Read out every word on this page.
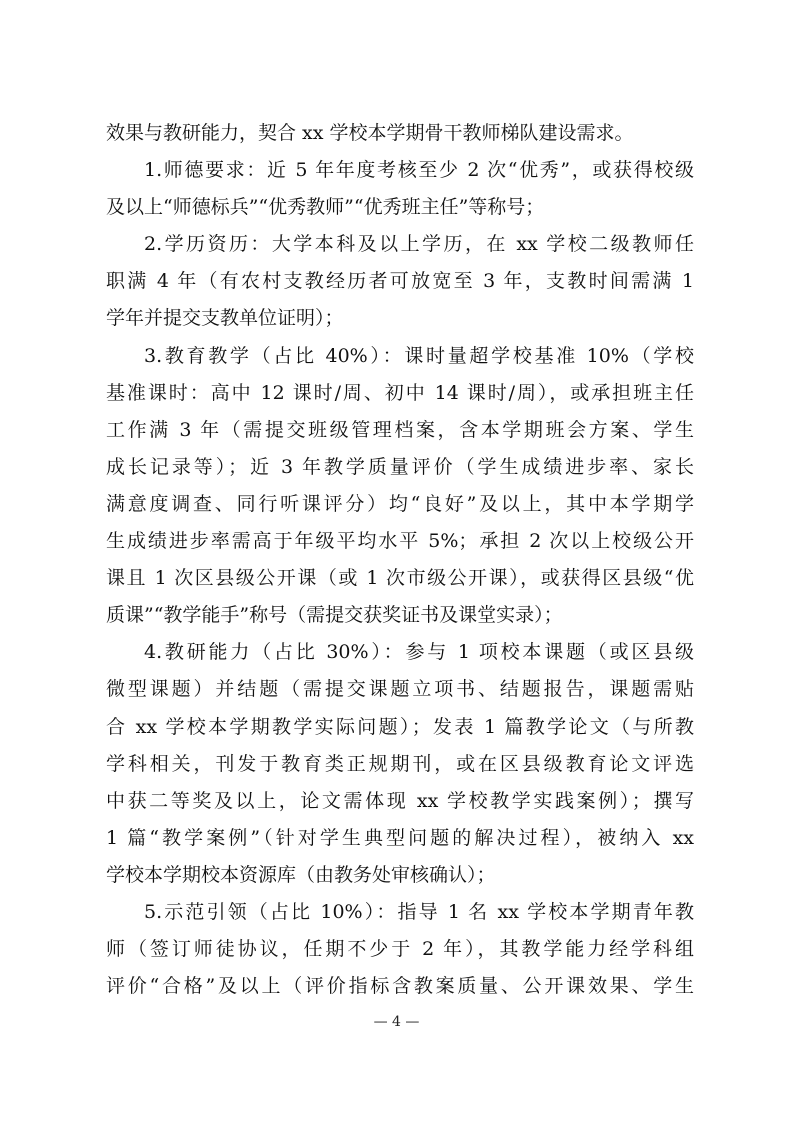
效果与教研能力，契合 xx 学校本学期骨干教师梯队建设需求。
1.师德要求：近 5 年年度考核至少 2 次“优秀”，或获得校级
及以上“师德标兵”“优秀教师”“优秀班主任”等称号；
2.学历资历：大学本科及以上学历，在 xx 学校二级教师任
职满 4 年（有农村支教经历者可放宽至 3 年，支教时间需满 1
学年并提交支教单位证明）；
3.教育教学（占比 40%）：课时量超学校基准 10%（学校
基准课时：高中 12 课时/周、初中 14 课时/周），或承担班主任
工作满 3 年（需提交班级管理档案，含本学期班会方案、学生
成长记录等）；近 3 年教学质量评价（学生成绩进步率、家长
满意度调查、同行听课评分）均“良好”及以上，其中本学期学
生成绩进步率需高于年级平均水平 5%；承担 2 次以上校级公开
课且 1 次区县级公开课（或 1 次市级公开课），或获得区县级“优
质课”“教学能手”称号（需提交获奖证书及课堂实录）；
4.教研能力（占比 30%）：参与 1 项校本课题（或区县级
微型课题）并结题（需提交课题立项书、结题报告，课题需贴
合 xx 学校本学期教学实际问题）；发表 1 篇教学论文（与所教
学科相关，刊发于教育类正规期刊，或在区县级教育论文评选
中获二等奖及以上，论文需体现 xx 学校教学实践案例）；撰写
1 篇“教学案例”（针对学生典型问题的解决过程），被纳入 xx
学校本学期校本资源库（由教务处审核确认）；
5.示范引领（占比 10%）：指导 1 名 xx 学校本学期青年教
师（签订师徒协议，任期不少于 2 年），其教学能力经学科组
评价“合格”及以上（评价指标含教案质量、公开课效果、学生
— 4 —
